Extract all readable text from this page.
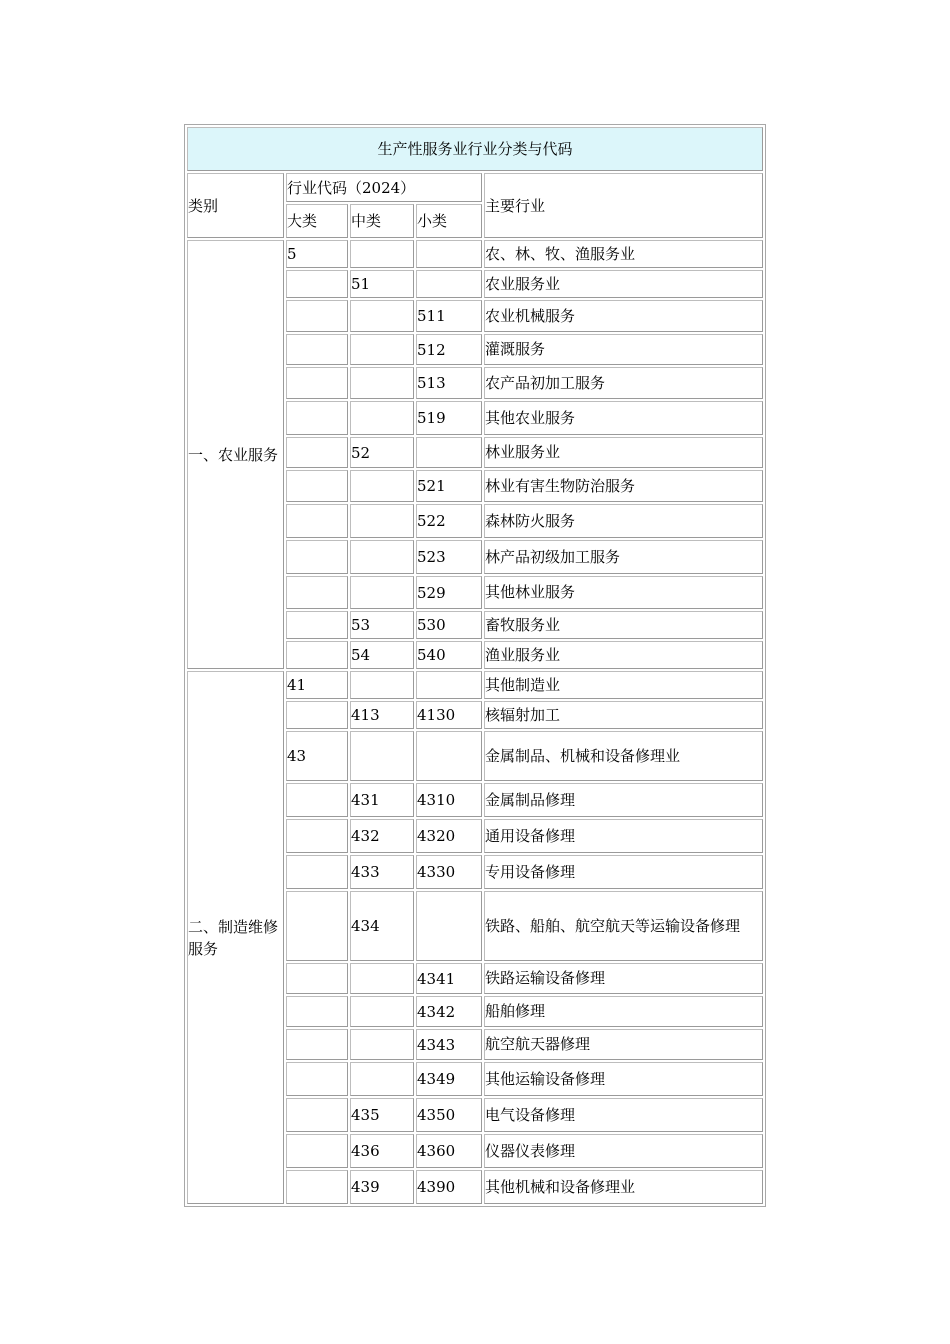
生产性服务业行业分类与代码				
类别	行业代码（2024）			主要行业
	大类	中类	小类	
一、农业服务	5			农、林、牧、渔服务业
		51		农业服务业
			511	农业机械服务
			512	灌溉服务
			513	农产品初加工服务
			519	其他农业服务
		52		林业服务业
			521	林业有害生物防治服务
			522	森林防火服务
			523	林产品初级加工服务
			529	其他林业服务
		53	530	畜牧服务业
		54	540	渔业服务业
二、制造维修服务	41			其他制造业
		413	4130	核辐射加工
	43			金属制品、机械和设备修理业
		431	4310	金属制品修理
		432	4320	通用设备修理
		433	4330	专用设备修理
		434		铁路、船舶、航空航天等运输设备修理
			4341	铁路运输设备修理
			4342	船舶修理
			4343	航空航天器修理
			4349	其他运输设备修理
		435	4350	电气设备修理
		436	4360	仪器仪表修理
		439	4390	其他机械和设备修理业
